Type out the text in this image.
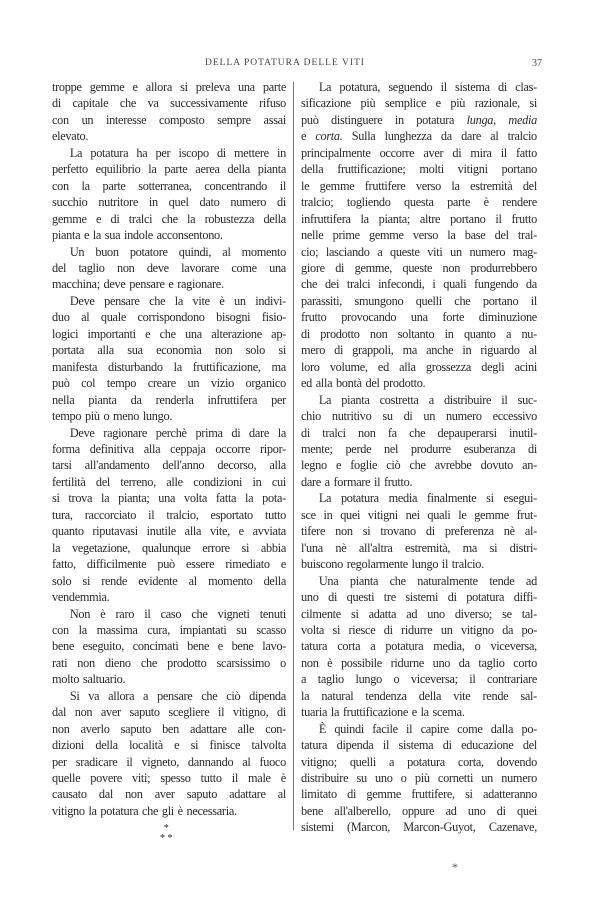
DELLA POTATURA DELLE VITI	37
troppe gemme e allora si preleva una parte
di capitale che va successivamente rifuso
con un interesse composto sempre assai
elevato.
La potatura ha per iscopo di mettere in
perfetto equilibrio la parte aerea della pianta
con la parte sotterranea, concentrando il
succhio nutritore in quel dato numero di
gemme e di tralci che la robustezza della
pianta e la sua indole acconsentono.
Un buon potatore quindi, al momento
del taglio non deve lavorare come una
macchina; deve pensare e ragionare.
Deve pensare che la vite è un indivi-
duo al quale corrispondono bisogni fisio-
logici importanti e che una alterazione ap-
portata alla sua economia non solo si
manifesta disturbando la fruttificazione, ma
può col tempo creare un vizio organico
nella pianta da renderla infruttifera per
tempo più o meno lungo.
Deve ragionare perchè prima di dare la
forma definitiva alla ceppaja occorre ripor-
tarsi all'andamento dell'anno decorso, alla
fertilità del terreno, alle condizioni in cui
si trova la pianta; una volta fatta la pota-
tura, raccorciato il tralcio, esportato tutto
quanto riputavasi inutile alla vite, e avviata
la vegetazione, qualunque errore si abbia
fatto, difficilmente può essere rimediato e
solo si rende evidente al momento della
vendemmia.
Non è raro il caso che vigneti tenuti
con la massima cura, impiantati su scasso
bene eseguito, concimati bene e bene lavo-
rati non dieno che prodotto scarsissimo o
molto saltuario.
Si va allora a pensare che ciò dipenda
dal non aver saputo scegliere il vitigno, di
non averlo saputo ben adattare alle con-
dizioni della località e si finisce talvolta
per sradicare il vigneto, dannando al fuoco
quelle povere viti; spesso tutto il male è
causato dal non aver saputo adattare al
vitigno la potatura che gli è necessaria.
La potatura, seguendo il sistema di clas-
sificazione più semplice e più razionale, si
può distinguere in potatura lunga, media
e corta. Sulla lunghezza da dare al tralcio
principalmente occorre aver di mira il fatto
della fruttificazione; molti vitigni portano
le gemme fruttifere verso la estremità del
tralcio; togliendo questa parte è rendere
infruttifera la pianta; altre portano il frutto
nelle prime gemme verso la base del tral-
cio; lasciando a queste viti un numero mag-
giore di gemme, queste non produrrebbero
che dei tralci infecondi, i quali fungendo da
parassiti, smungono quelli che portano il
frutto provocando una forte diminuzione
di prodotto non soltanto in quanto a nu-
mero di grappoli, ma anche in riguardo al
loro volume, ed alla grossezza degli acini
ed alla bontà del prodotto.
La pianta costretta a distribuire il suc-
chio nutritivo su di un numero eccessivo
di tralci non fa che depauperarsi inutil-
mente; perde nel produrre esuberanza di
legno e foglie ciò che avrebbe dovuto an-
dare a formare il frutto.
La potatura media finalmente si esegui-
sce in quei vitigni nei quali le gemme frut-
tifere non si trovano di preferenza nè al-
l'una nè all'altra estremità, ma si distri-
buiscono regolarmente lungo il tralcio.
Una pianta che naturalmente tende ad
uno di questi tre sistemi di potatura diffi-
cilmente si adatta ad uno diverso; se tal-
volta si riesce di ridurre un vitigno da po-
tatura corta a potatura media, o viceversa,
non è possibile ridurne uno da taglio corto
a taglio lungo o viceversa; il contrariare
la natural tendenza della vite rende sal-
tuaria la fruttificazione e la scema.
È quindi facile il capire come dalla po-
tatura dipenda il sistema di educazione del
vitigno; quelli a potatura corta, dovendo
distribuire su uno o più cornetti un numero
limitato di gemme fruttifere, si adatteranno
bene all'alberello, oppure ad uno di quei
sistemi (Marcon, Marcon-Guyot, Cazenave,
*
* *
*
